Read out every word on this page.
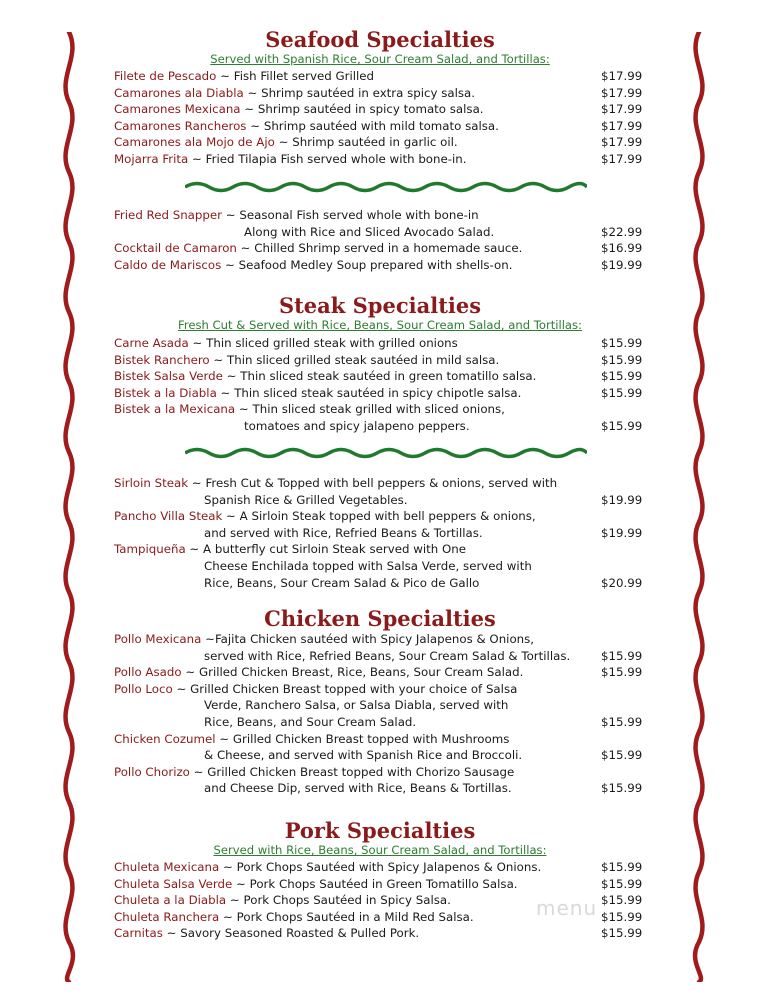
Seafood Specialties
Served with Spanish Rice, Sour Cream Salad, and Tortillas:
Filete de Pescado ~ Fish Fillet served Grilled	$17.99
Camarones ala Diabla ~ Shrimp sautéed in extra spicy salsa.	$17.99
Camarones Mexicana ~ Shrimp sautéed in spicy tomato salsa.	$17.99
Camarones Rancheros ~ Shrimp sautéed with mild tomato salsa.	$17.99
Camarones ala Mojo de Ajo ~ Shrimp sautéed in garlic oil.	$17.99
Mojarra Frita ~ Fried Tilapia Fish served whole with bone-in.	$17.99
Fried Red Snapper ~ Seasonal Fish served whole with bone-in
Along with Rice and Sliced Avocado Salad.	$22.99
Cocktail de Camaron ~ Chilled Shrimp served in a homemade sauce.	$16.99
Caldo de Mariscos ~ Seafood Medley Soup prepared with shells-on.	$19.99
Steak Specialties
Fresh Cut & Served with Rice, Beans, Sour Cream Salad, and Tortillas:
Carne Asada ~ Thin sliced grilled steak with grilled onions	$15.99
Bistek Ranchero ~ Thin sliced grilled steak sautéed in mild salsa.	$15.99
Bistek Salsa Verde ~ Thin sliced steak sautéed in green tomatillo salsa.	$15.99
Bistek a la Diabla ~ Thin sliced steak sautéed in spicy chipotle salsa.	$15.99
Bistek a la Mexicana ~ Thin sliced steak grilled with sliced onions,
tomatoes and spicy jalapeno peppers.	$15.99
Sirloin Steak ~ Fresh Cut & Topped with bell peppers & onions, served with
Spanish Rice & Grilled Vegetables.	$19.99
Pancho Villa Steak ~ A Sirloin Steak topped with bell peppers & onions,
and served with Rice, Refried Beans & Tortillas.	$19.99
Tampiqueña ~ A butterfly cut Sirloin Steak served with One
Cheese Enchilada topped with Salsa Verde, served with
Rice, Beans, Sour Cream Salad & Pico de Gallo	$20.99
Chicken Specialties
Pollo Mexicana ~Fajita Chicken sautéed with Spicy Jalapenos & Onions,
served with Rice, Refried Beans, Sour Cream Salad & Tortillas.	$15.99
Pollo Asado ~ Grilled Chicken Breast, Rice, Beans, Sour Cream Salad.	$15.99
Pollo Loco ~ Grilled Chicken Breast topped with your choice of Salsa
Verde, Ranchero Salsa, or Salsa Diabla, served with
Rice, Beans, and Sour Cream Salad.	$15.99
Chicken Cozumel ~ Grilled Chicken Breast topped with Mushrooms
& Cheese, and served with Spanish Rice and Broccoli.	$15.99
Pollo Chorizo ~ Grilled Chicken Breast topped with Chorizo Sausage
and Cheese Dip, served with Rice, Beans & Tortillas.	$15.99
Pork Specialties
Served with Rice, Beans, Sour Cream Salad, and Tortillas:
Chuleta Mexicana ~ Pork Chops Sautéed with Spicy Jalapenos & Onions.	$15.99
Chuleta Salsa Verde ~ Pork Chops Sautéed in Green Tomatillo Salsa.	$15.99
Chuleta a la Diabla ~ Pork Chops Sautéed in Spicy Salsa.	$15.99
Chuleta Ranchera ~ Pork Chops Sautéed in a Mild Red Salsa.	$15.99
Carnitas ~ Savory Seasoned Roasted & Pulled Pork.	$15.99
menu
